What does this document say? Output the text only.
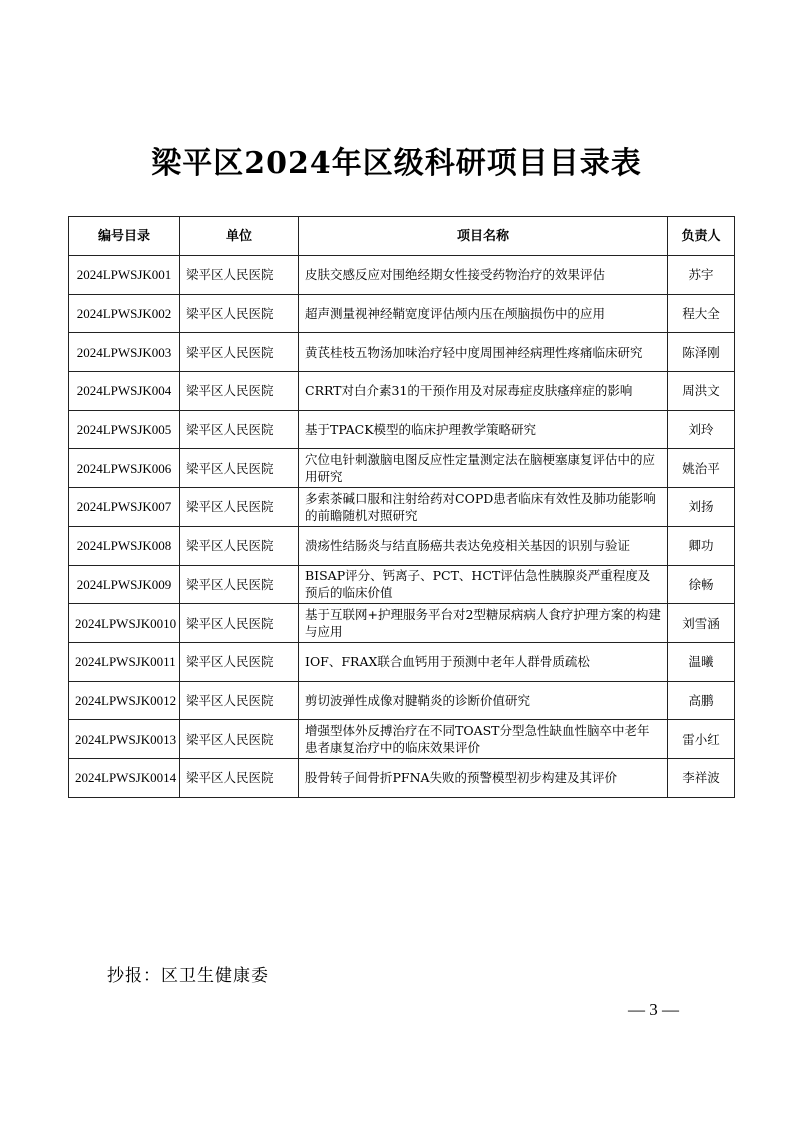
梁平区2024年区级科研项目目录表
编号目录	单位	项目名称	负责人
2024LPWSJK001	梁平区人民医院	皮肤交感反应对围绝经期女性接受药物治疗的效果评估	苏宇
2024LPWSJK002	梁平区人民医院	超声测量视神经鞘宽度评估颅内压在颅脑损伤中的应用	程大全
2024LPWSJK003	梁平区人民医院	黄芪桂枝五物汤加味治疗轻中度周围神经病理性疼痛临床研究	陈泽刚
2024LPWSJK004	梁平区人民医院	CRRT对白介素31的干预作用及对尿毒症皮肤瘙痒症的影响	周洪文
2024LPWSJK005	梁平区人民医院	基于TPACK模型的临床护理教学策略研究	刘玲
2024LPWSJK006	梁平区人民医院	穴位电针刺激脑电图反应性定量测定法在脑梗塞康复评估中的应用研究	姚治平
2024LPWSJK007	梁平区人民医院	多索茶碱口服和注射给药对COPD患者临床有效性及肺功能影响的前瞻随机对照研究	刘扬
2024LPWSJK008	梁平区人民医院	溃疡性结肠炎与结直肠癌共表达免疫相关基因的识别与验证	卿功
2024LPWSJK009	梁平区人民医院	BISAP评分、钙离子、PCT、HCT评估急性胰腺炎严重程度及预后的临床价值	徐畅
2024LPWSJK0010	梁平区人民医院	基于互联网+护理服务平台对2型糖尿病病人食疗护理方案的构建与应用	刘雪涵
2024LPWSJK0011	梁平区人民医院	IOF、FRAX联合血钙用于预测中老年人群骨质疏松	温曦
2024LPWSJK0012	梁平区人民医院	剪切波弹性成像对腱鞘炎的诊断价值研究	高鹏
2024LPWSJK0013	梁平区人民医院	增强型体外反搏治疗在不同TOAST分型急性缺血性脑卒中老年患者康复治疗中的临床效果评价	雷小红
2024LPWSJK0014	梁平区人民医院	股骨转子间骨折PFNA失败的预警模型初步构建及其评价	李祥波
抄报：区卫生健康委
— 3 —
